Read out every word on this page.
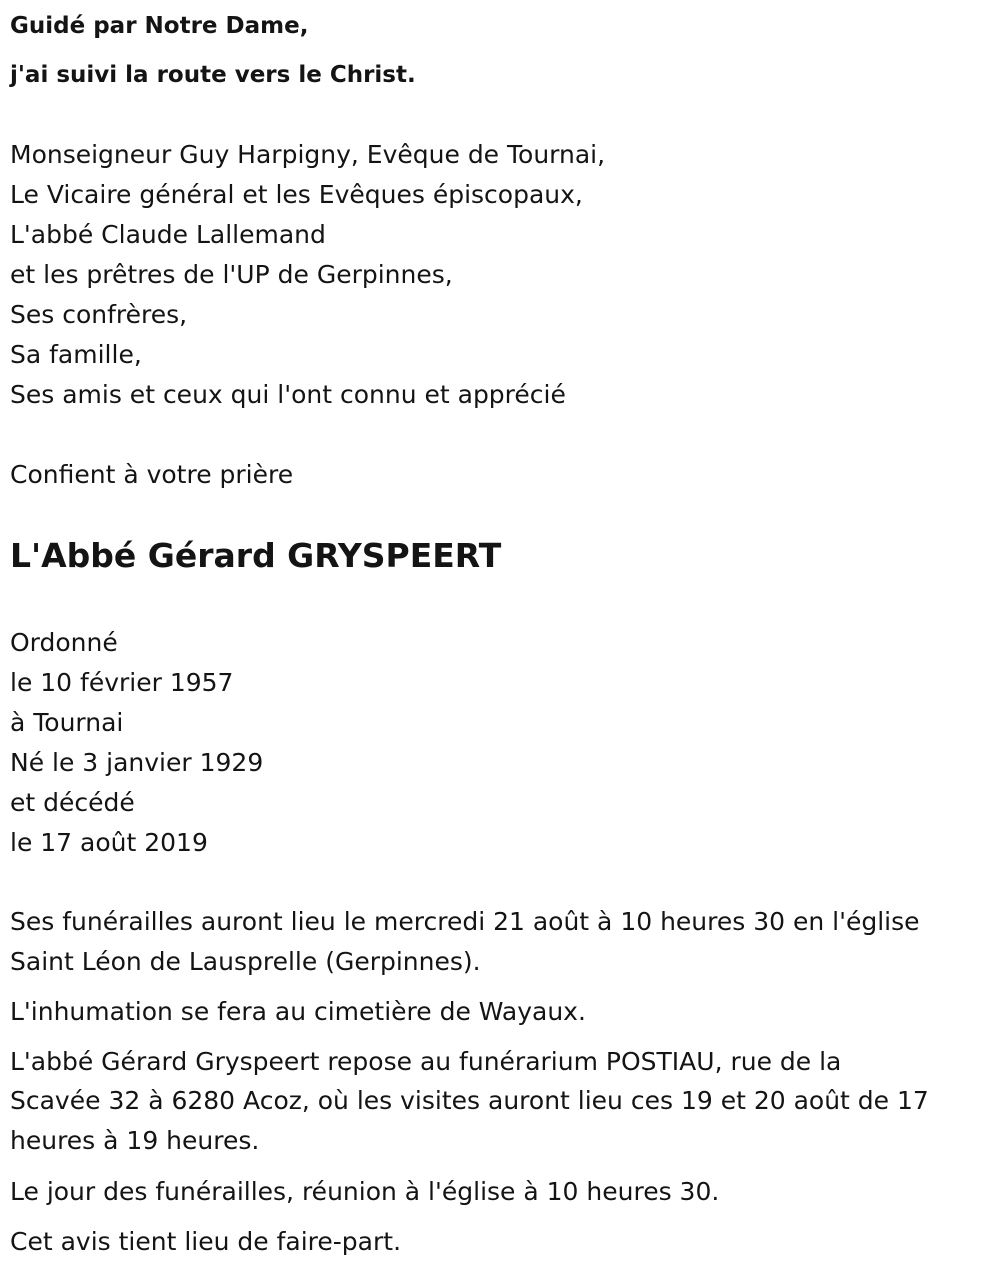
Guidé par Notre Dame,
j'ai suivi la route vers le Christ.
Monseigneur Guy Harpigny, Evêque de Tournai,
Le Vicaire général et les Evêques épiscopaux,
L'abbé Claude Lallemand
et les prêtres de l'UP de Gerpinnes,
Ses confrères,
Sa famille,
Ses amis et ceux qui l'ont connu et apprécié
Confient à votre prière
L'Abbé Gérard GRYSPEERT
Ordonné
le 10 février 1957
à Tournai
Né le 3 janvier 1929
et décédé
le 17 août 2019
Ses funérailles auront lieu le mercredi 21 août à 10 heures 30 en l'église
Saint Léon de Lausprelle (Gerpinnes).
L'inhumation se fera au cimetière de Wayaux.
L'abbé Gérard Gryspeert repose au funérarium POSTIAU, rue de la
Scavée 32 à 6280 Acoz, où les visites auront lieu ces 19 et 20 août de 17
heures à 19 heures.
Le jour des funérailles, réunion à l'église à 10 heures 30.
Cet avis tient lieu de faire-part.
